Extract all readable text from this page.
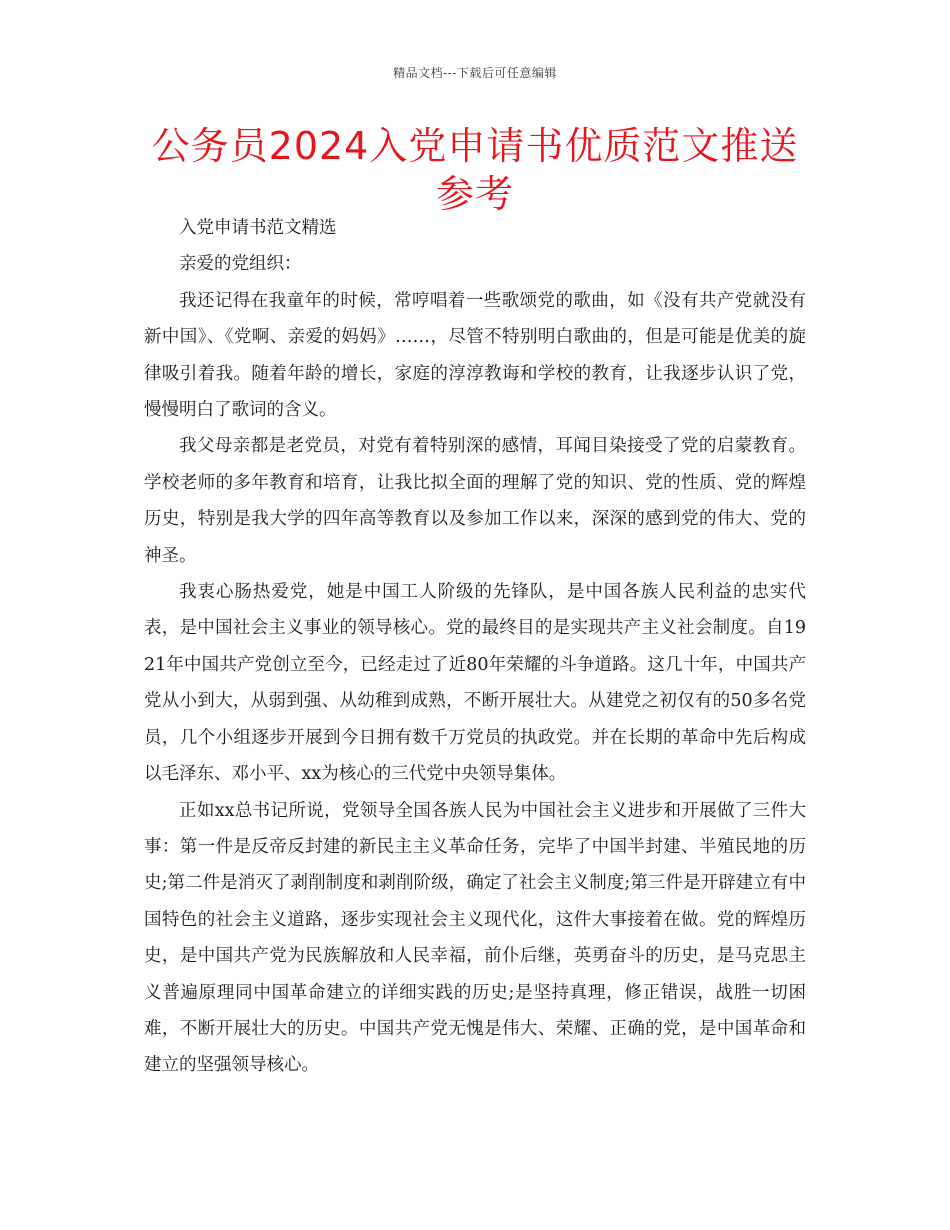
精品文档---下载后可任意编辑
公务员2024入党申请书优质范文推送参考

入党申请书范文精选

亲爱的党组织：

我还记得在我童年的时候，常哼唱着一些歌颂党的歌曲，如《没有共产党就没有新中国》、《党啊、亲爱的妈妈》……，尽管不特别明白歌曲的，但是可能是优美的旋律吸引着我。随着年龄的增长，家庭的淳淳教诲和学校的教育，让我逐步认识了党，慢慢明白了歌词的含义。

我父母亲都是老党员，对党有着特别深的感情，耳闻目染接受了党的启蒙教育。学校老师的多年教育和培育，让我比拟全面的理解了党的知识、党的性质、党的辉煌历史，特别是我大学的四年高等教育以及参加工作以来，深深的感到党的伟大、党的神圣。

我衷心肠热爱党，她是中国工人阶级的先锋队，是中国各族人民利益的忠实代表，是中国社会主义事业的领导核心。党的最终目的是实现共产主义社会制度。自1921年中国共产党创立至今，已经走过了近80年荣耀的斗争道路。这几十年，中国共产党从小到大，从弱到强、从幼稚到成熟，不断开展壮大。从建党之初仅有的50多名党员，几个小组逐步开展到今日拥有数千万党员的执政党。并在长期的革命中先后构成以毛泽东、邓小平、xx为核心的三代党中央领导集体。

正如xx总书记所说，党领导全国各族人民为中国社会主义进步和开展做了三件大事：第一件是反帝反封建的新民主主义革命任务，完毕了中国半封建、半殖民地的历史;第二件是消灭了剥削制度和剥削阶级，确定了社会主义制度;第三件是开辟建立有中国特色的社会主义道路，逐步实现社会主义现代化，这件大事接着在做。党的辉煌历史，是中国共产党为民族解放和人民幸福，前仆后继，英勇奋斗的历史，是马克思主义普遍原理同中国革命建立的详细实践的历史;是坚持真理，修正错误，战胜一切困难，不断开展壮大的历史。中国共产党无愧是伟大、荣耀、正确的党，是中国革命和建立的坚强领导核心。
